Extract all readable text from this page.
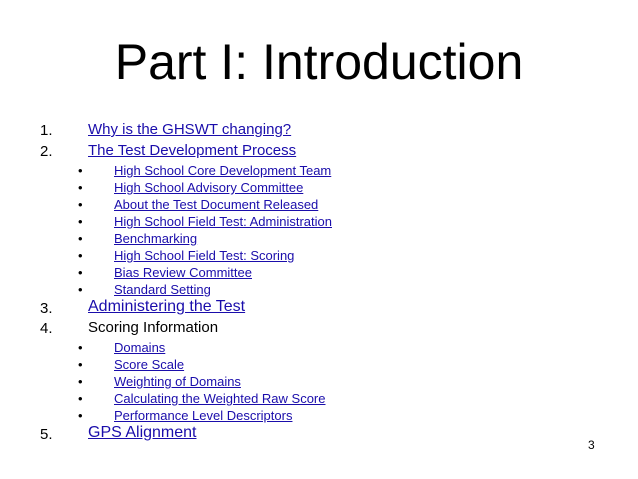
Part I: Introduction
1. Why is the GHSWT changing?
2. The Test Development Process
• High School Core Development Team
• High School Advisory Committee
• About the Test Document Released
• High School Field Test: Administration
• Benchmarking
• High School Field Test: Scoring
• Bias Review Committee
• Standard Setting
3. Administering the Test
4. Scoring Information
• Domains
• Score Scale
• Weighting of Domains
• Calculating the Weighted Raw Score
• Performance Level Descriptors
5. GPS Alignment
3
